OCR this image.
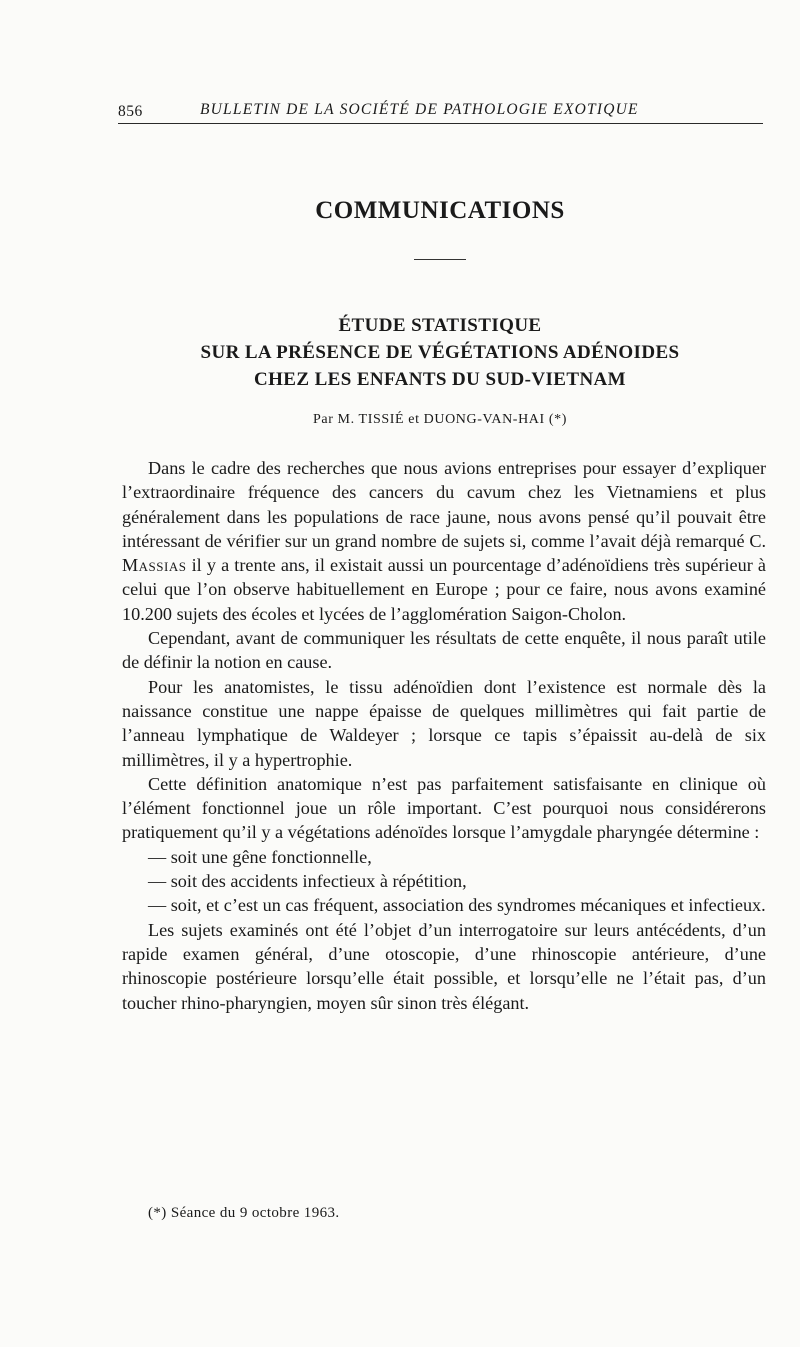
856	BULLETIN DE LA SOCIÉTÉ DE PATHOLOGIE EXOTIQUE
COMMUNICATIONS
ÉTUDE STATISTIQUE
SUR LA PRÉSENCE DE VÉGÉTATIONS ADÉNOIDES
CHEZ LES ENFANTS DU SUD-VIETNAM
Par M. TISSIÉ et DUONG-VAN-HAI (*)

Dans le cadre des recherches que nous avions entreprises pour essayer d’expliquer l’extraordinaire fréquence des cancers du cavum chez les Vietnamiens et plus généralement dans les populations de race jaune, nous avons pensé qu’il pouvait être intéressant de vérifier sur un grand nombre de sujets si, comme l’avait déjà remarqué C. Massias il y a trente ans, il existait aussi un pourcentage d’adénoïdiens très supérieur à celui que l’on observe habituellement en Europe ; pour ce faire, nous avons examiné 10.200 sujets des écoles et lycées de l’agglomération Saigon-Cholon.

Cependant, avant de communiquer les résultats de cette enquête, il nous paraît utile de définir la notion en cause.

Pour les anatomistes, le tissu adénoïdien dont l’existence est normale dès la naissance constitue une nappe épaisse de quelques millimètres qui fait partie de l’anneau lymphatique de Waldeyer ; lorsque ce tapis s’épaissit au-delà de six millimètres, il y a hypertrophie.

Cette définition anatomique n’est pas parfaitement satisfaisante en clinique où l’élément fonctionnel joue un rôle important. C’est pourquoi nous considérerons pratiquement qu’il y a végétations adénoïdes lorsque l’amygdale pharyngée détermine :

— soit une gêne fonctionnelle,

— soit des accidents infectieux à répétition,

— soit, et c’est un cas fréquent, association des syndromes mécaniques et infectieux.

Les sujets examinés ont été l’objet d’un interrogatoire sur leurs antécédents, d’un rapide examen général, d’une otoscopie, d’une rhinoscopie antérieure, d’une rhinoscopie postérieure lorsqu’elle était possible, et lorsqu’elle ne l’était pas, d’un toucher rhino-pharyngien, moyen sûr sinon très élégant.

(*) Séance du 9 octobre 1963.
